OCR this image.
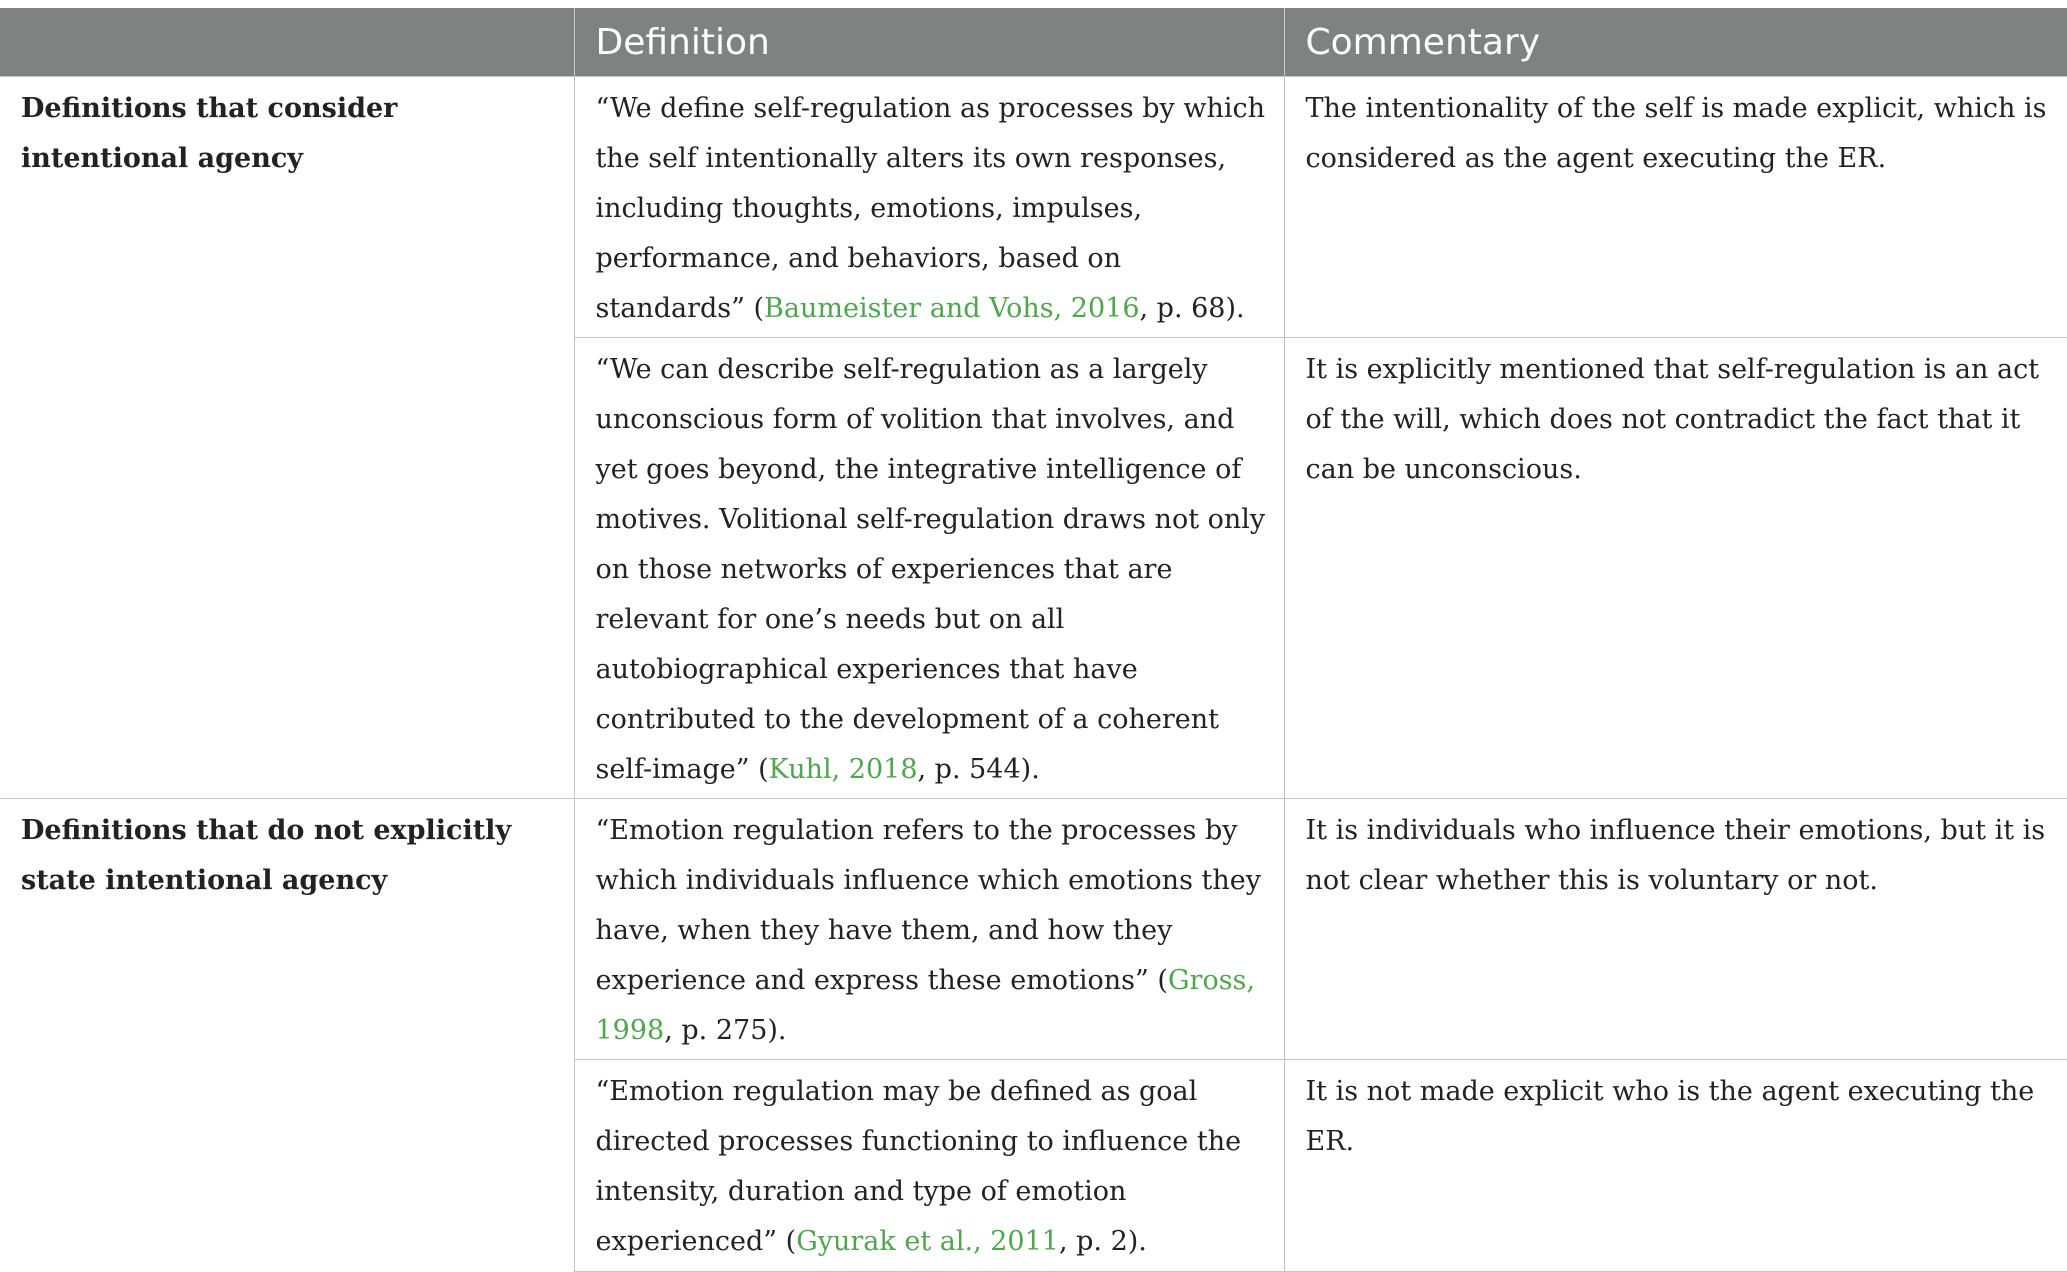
	Definition	Commentary
Definitions that consider intentional agency	“We define self-regulation as processes by which the self intentionally alters its own responses, including thoughts, emotions, impulses, performance, and behaviors, based on standards” (Baumeister and Vohs, 2016, p. 68).	The intentionality of the self is made explicit, which is considered as the agent executing the ER.
	“We can describe self-regulation as a largely unconscious form of volition that involves, and yet goes beyond, the integrative intelligence of motives. Volitional self-regulation draws not only on those networks of experiences that are relevant for one’s needs but on all autobiographical experiences that have contributed to the development of a coherent self-image” (Kuhl, 2018, p. 544).	It is explicitly mentioned that self-regulation is an act of the will, which does not contradict the fact that it can be unconscious.
Definitions that do not explicitly state intentional agency	“Emotion regulation refers to the processes by which individuals influence which emotions they have, when they have them, and how they experience and express these emotions” (Gross, 1998, p. 275).	It is individuals who influence their emotions, but it is not clear whether this is voluntary or not.
	“Emotion regulation may be defined as goal directed processes functioning to influence the intensity, duration and type of emotion experienced” (Gyurak et al., 2011, p. 2).	It is not made explicit who is the agent executing the ER.
